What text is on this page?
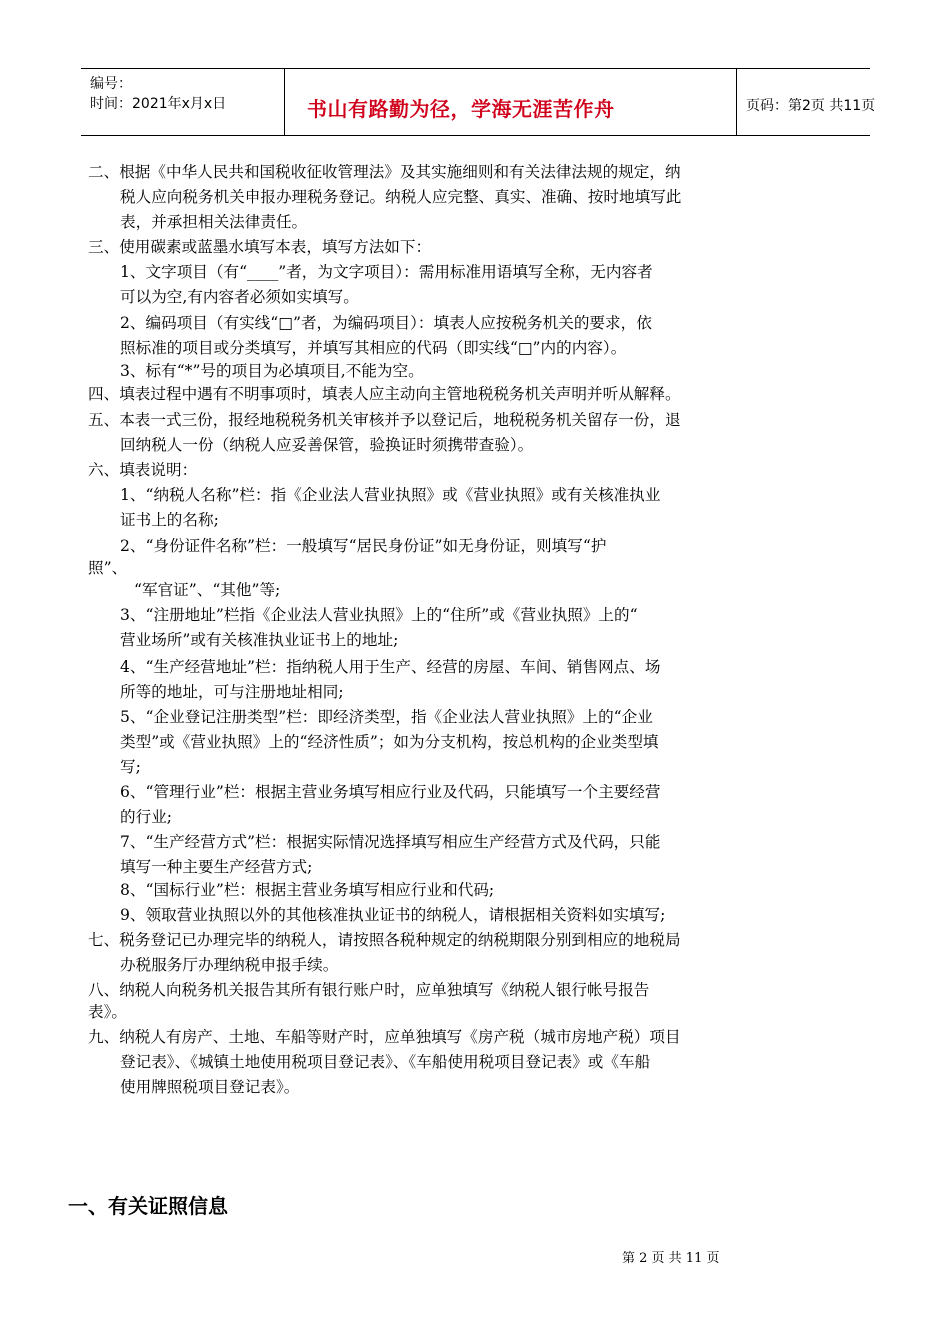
编号：
时间：2021年x月x日	书山有路勤为径，学海无涯苦作舟	页码：第2页 共11页
二、根据《中华人民共和国税收征收管理法》及其实施细则和有关法律法规的规定，纳
税人应向税务机关申报办理税务登记。纳税人应完整、真实、准确、按时地填写此
表，并承担相关法律责任。
三、使用碳素或蓝墨水填写本表，填写方法如下：
1、文字项目（有“____”者，为文字项目）：需用标准用语填写全称，无内容者
可以为空,有内容者必须如实填写。
2、编码项目（有实线“□”者，为编码项目）：填表人应按税务机关的要求，依
照标准的项目或分类填写，并填写其相应的代码（即实线“□”内的内容）。
3、标有“*”号的项目为必填项目,不能为空。
四、填表过程中遇有不明事项时，填表人应主动向主管地税税务机关声明并听从解释。
五、本表一式三份，报经地税税务机关审核并予以登记后，地税税务机关留存一份，退
回纳税人一份（纳税人应妥善保管，验换证时须携带查验）。
六、填表说明：
1、“纳税人名称”栏：指《企业法人营业执照》或《营业执照》或有关核准执业
证书上的名称;
2、“身份证件名称”栏：一般填写“居民身份证”如无身份证，则填写“护
照”、
“军官证”、“其他”等;
3、“注册地址”栏指《企业法人营业执照》上的“住所”或《营业执照》上的“
营业场所”或有关核准执业证书上的地址;
4、“生产经营地址”栏：指纳税人用于生产、经营的房屋、车间、销售网点、场
所等的地址，可与注册地址相同;
5、“企业登记注册类型”栏：即经济类型，指《企业法人营业执照》上的“企业
类型”或《营业执照》上的“经济性质”；如为分支机构，按总机构的企业类型填
写;
6、“管理行业”栏：根据主营业务填写相应行业及代码，只能填写一个主要经营
的行业;
7、“生产经营方式”栏：根据实际情况选择填写相应生产经营方式及代码，只能
填写一种主要生产经营方式;
8、“国标行业”栏：根据主营业务填写相应行业和代码;
9、领取营业执照以外的其他核准执业证书的纳税人，请根据相关资料如实填写;
七、税务登记已办理完毕的纳税人，请按照各税种规定的纳税期限分别到相应的地税局
办税服务厅办理纳税申报手续。
八、纳税人向税务机关报告其所有银行账户时，应单独填写《纳税人银行帐号报告
表》。
九、纳税人有房产、土地、车船等财产时，应单独填写《房产税（城市房地产税）项目
登记表》、《城镇土地使用税项目登记表》、《车船使用税项目登记表》或《车船
使用牌照税项目登记表》。
一、有关证照信息
第 2 页 共 11 页
